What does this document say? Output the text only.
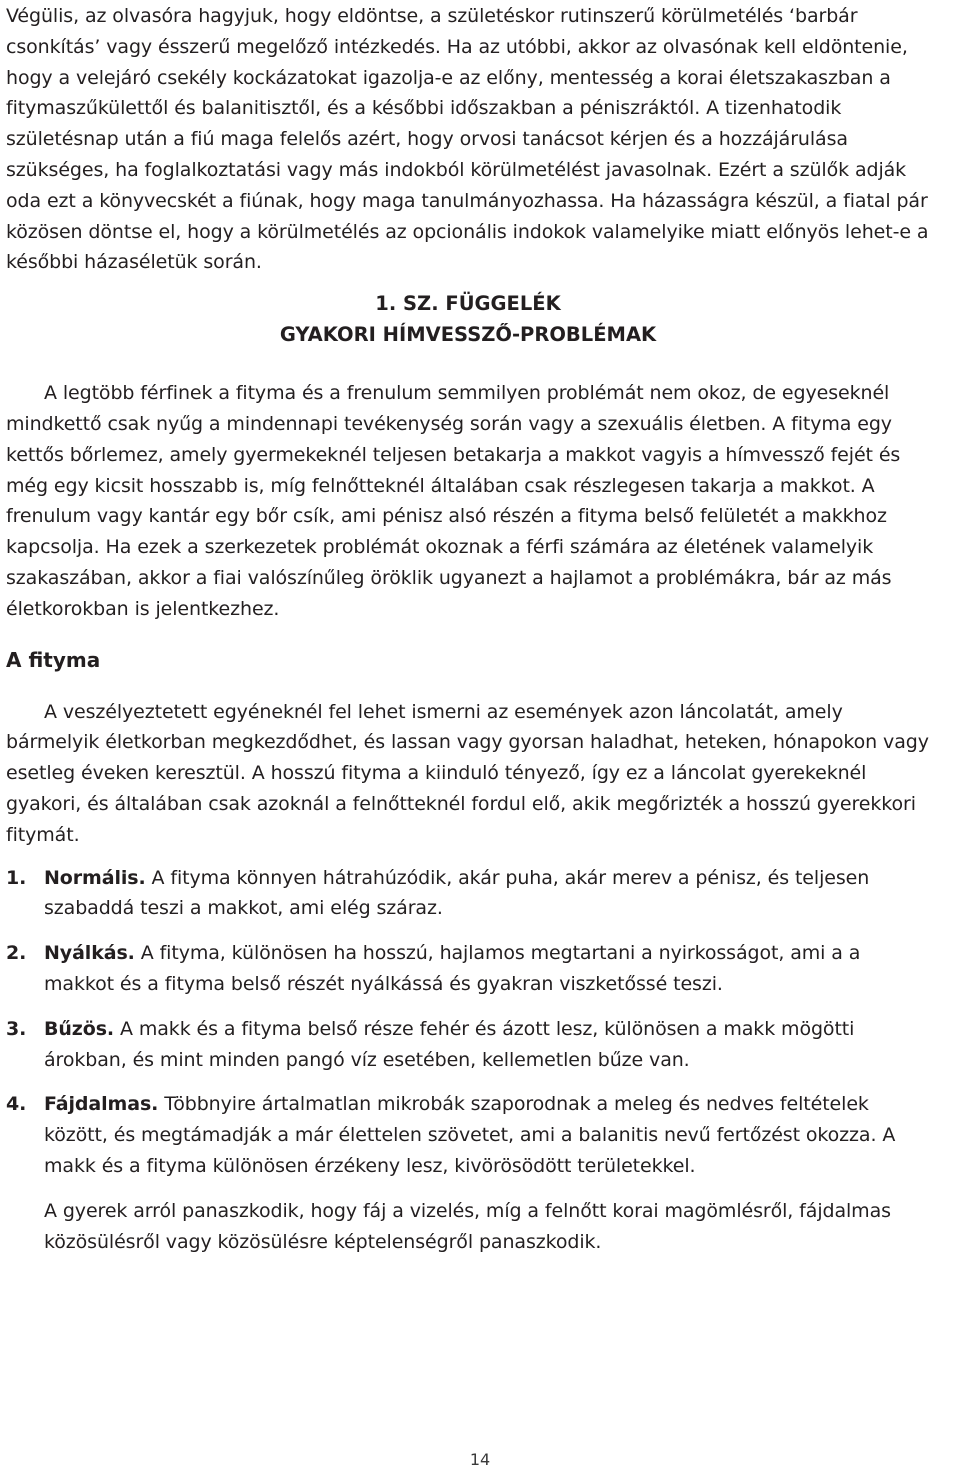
Végülis, az olvasóra hagyjuk, hogy eldöntse, a születéskor rutinszerű körülmetélés ‘barbár csonkítás’ vagy ésszerű megelőző intézkedés. Ha az utóbbi, akkor az olvasónak kell eldöntenie, hogy a velejáró csekély kockázatokat igazolja-e az előny, mentesség a korai életszakaszban a fitymaszűkülettől és balanitisztől, és a későbbi időszakban a péniszráktól. A tizenhatodik születésnap után a fiú maga felelős azért, hogy orvosi tanácsot kérjen és a hozzájárulása szükséges, ha foglalkoztatási vagy más indokból körülmetélést javasolnak. Ezért a szülők adják oda ezt a könyvecskét a fiúnak, hogy maga tanulmányozhassa. Ha házasságra készül, a fiatal pár közösen döntse el, hogy a körülmetélés az opcionális indokok valamelyike miatt előnyös lehet-e a későbbi házaséletük során.

1. SZ. FÜGGELÉK
GYAKORI HÍMVESSZŐ-PROBLÉMAK

A legtöbb férfinek a fityma és a frenulum semmilyen problémát nem okoz, de egyeseknél mindkettő csak nyűg a mindennapi tevékenység során vagy a szexuális életben. A fityma egy kettős bőrlemez, amely gyermekeknél teljesen betakarja a makkot vagyis a hímvessző fejét és még egy kicsit hosszabb is, míg felnőtteknél általában csak részlegesen takarja a makkot. A frenulum vagy kantár egy bőr csík, ami pénisz alsó részén a fityma belső felületét a makkhoz kapcsolja. Ha ezek a szerkezetek problémát okoznak a férfi számára az életének valamelyik szakaszában, akkor a fiai valószínűleg öröklik ugyanezt a hajlamot a problémákra, bár az más életkorokban is jelentkezhez.

A fityma

A veszélyeztetett egyéneknél fel lehet ismerni az események azon láncolatát, amely bármelyik életkorban megkezdődhet, és lassan vagy gyorsan haladhat, heteken, hónapokon vagy esetleg éveken keresztül. A hosszú fityma a kiinduló tényező, így ez a láncolat gyerekeknél gyakori, és általában csak azoknál a felnőtteknél fordul elő, akik megőrizték a hosszú gyerekkori fitymát.

1. Normális. A fityma könnyen hátrahúzódik, akár puha, akár merev a pénisz, és teljesen szabaddá teszi a makkot, ami elég száraz.
2. Nyálkás. A fityma, különösen ha hosszú, hajlamos megtartani a nyirkosságot, ami a a makkot és a fityma belső részét nyálkássá és gyakran viszketőssé teszi.
3. Bűzös. A makk és a fityma belső része fehér és ázott lesz, különösen a makk mögötti árokban, és mint minden pangó víz esetében, kellemetlen bűze van.
4. Fájdalmas. Többnyire ártalmatlan mikrobák szaporodnak a meleg és nedves feltételek között, és megtámadják a már élettelen szövetet, ami a balanitis nevű fertőzést okozza. A makk és a fityma különösen érzékeny lesz, kivörösödött területekkel.

A gyerek arról panaszkodik, hogy fáj a vizelés, míg a felnőtt korai magömlésről, fájdalmas közösülésről vagy közösülésre képtelenségről panaszkodik.

14
